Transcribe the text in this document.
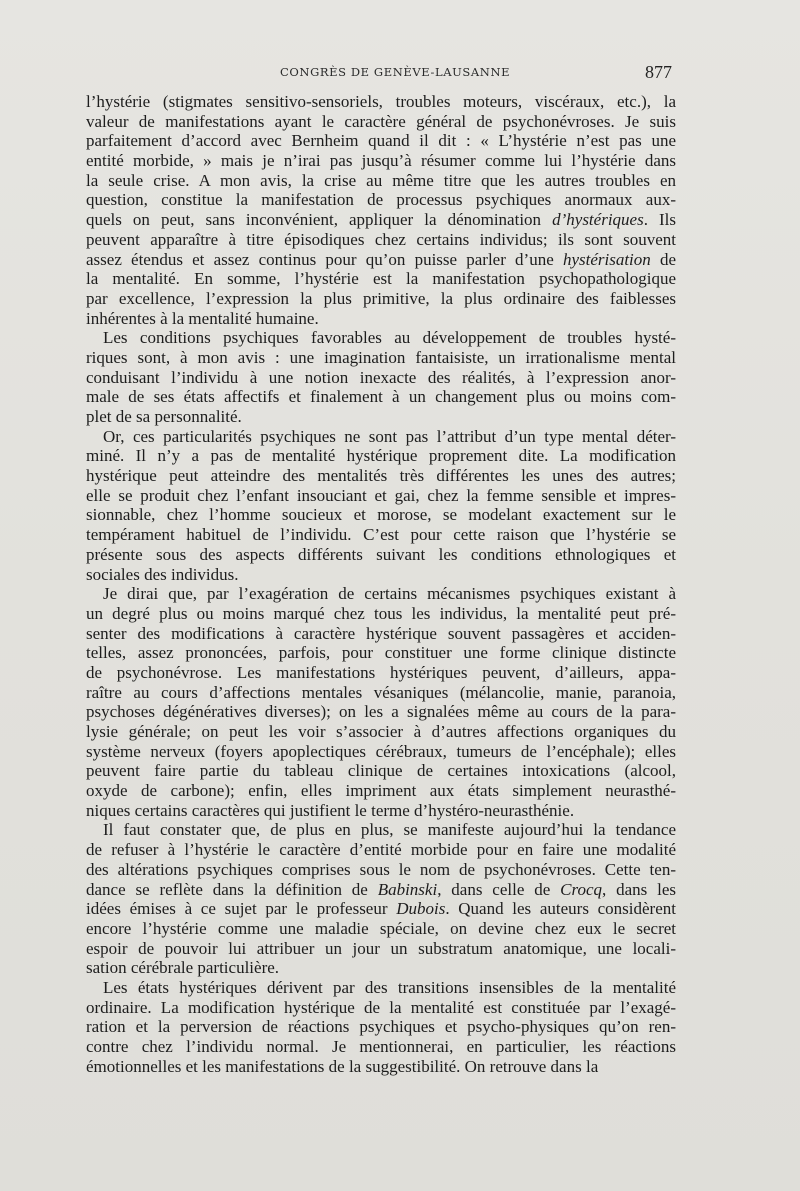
CONGRÈS DE GENÈVE-LAUSANNE	877
l’hystérie (stigmates sensitivo-sensoriels, troubles moteurs, viscéraux, etc.), la
valeur de manifestations ayant le caractère général de psychonévroses. Je suis
parfaitement d’accord avec Bernheim quand il dit : « L’hystérie n’est pas une
entité morbide, » mais je n’irai pas jusqu’à résumer comme lui l’hystérie dans
la seule crise. A mon avis, la crise au même titre que les autres troubles en
question, constitue la manifestation de processus psychiques anormaux aux-
quels on peut, sans inconvénient, appliquer la dénomination d’hystériques. Ils
peuvent apparaître à titre épisodiques chez certains individus; ils sont souvent
assez étendus et assez continus pour qu’on puisse parler d’une hystérisation de
la mentalité. En somme, l’hystérie est la manifestation psychopathologique
par excellence, l’expression la plus primitive, la plus ordinaire des faiblesses
inhérentes à la mentalité humaine.
Les conditions psychiques favorables au développement de troubles hysté-
riques sont, à mon avis : une imagination fantaisiste, un irrationalisme mental
conduisant l’individu à une notion inexacte des réalités, à l’expression anor-
male de ses états affectifs et finalement à un changement plus ou moins com-
plet de sa personnalité.
Or, ces particularités psychiques ne sont pas l’attribut d’un type mental déter-
miné. Il n’y a pas de mentalité hystérique proprement dite. La modification
hystérique peut atteindre des mentalités très différentes les unes des autres;
elle se produit chez l’enfant insouciant et gai, chez la femme sensible et impres-
sionnable, chez l’homme soucieux et morose, se modelant exactement sur le
tempérament habituel de l’individu. C’est pour cette raison que l’hystérie se
présente sous des aspects différents suivant les conditions ethnologiques et
sociales des individus.
Je dirai que, par l’exagération de certains mécanismes psychiques existant à
un degré plus ou moins marqué chez tous les individus, la mentalité peut pré-
senter des modifications à caractère hystérique souvent passagères et acciden-
telles, assez prononcées, parfois, pour constituer une forme clinique distincte
de psychonévrose. Les manifestations hystériques peuvent, d’ailleurs, appa-
raître au cours d’affections mentales vésaniques (mélancolie, manie, paranoia,
psychoses dégénératives diverses); on les a signalées même au cours de la para-
lysie générale; on peut les voir s’associer à d’autres affections organiques du
système nerveux (foyers apoplectiques cérébraux, tumeurs de l’encéphale); elles
peuvent faire partie du tableau clinique de certaines intoxications (alcool,
oxyde de carbone); enfin, elles impriment aux états simplement neurasthé-
niques certains caractères qui justifient le terme d’hystéro-neurasthénie.
Il faut constater que, de plus en plus, se manifeste aujourd’hui la tendance
de refuser à l’hystérie le caractère d’entité morbide pour en faire une modalité
des altérations psychiques comprises sous le nom de psychonévroses. Cette ten-
dance se reflète dans la définition de Babinski, dans celle de Crocq, dans les
idées émises à ce sujet par le professeur Dubois. Quand les auteurs considèrent
encore l’hystérie comme une maladie spéciale, on devine chez eux le secret
espoir de pouvoir lui attribuer un jour un substratum anatomique, une locali-
sation cérébrale particulière.
Les états hystériques dérivent par des transitions insensibles de la mentalité
ordinaire. La modification hystérique de la mentalité est constituée par l’exagé-
ration et la perversion de réactions psychiques et psycho-physiques qu’on ren-
contre chez l’individu normal. Je mentionnerai, en particulier, les réactions
émotionnelles et les manifestations de la suggestibilité. On retrouve dans la
